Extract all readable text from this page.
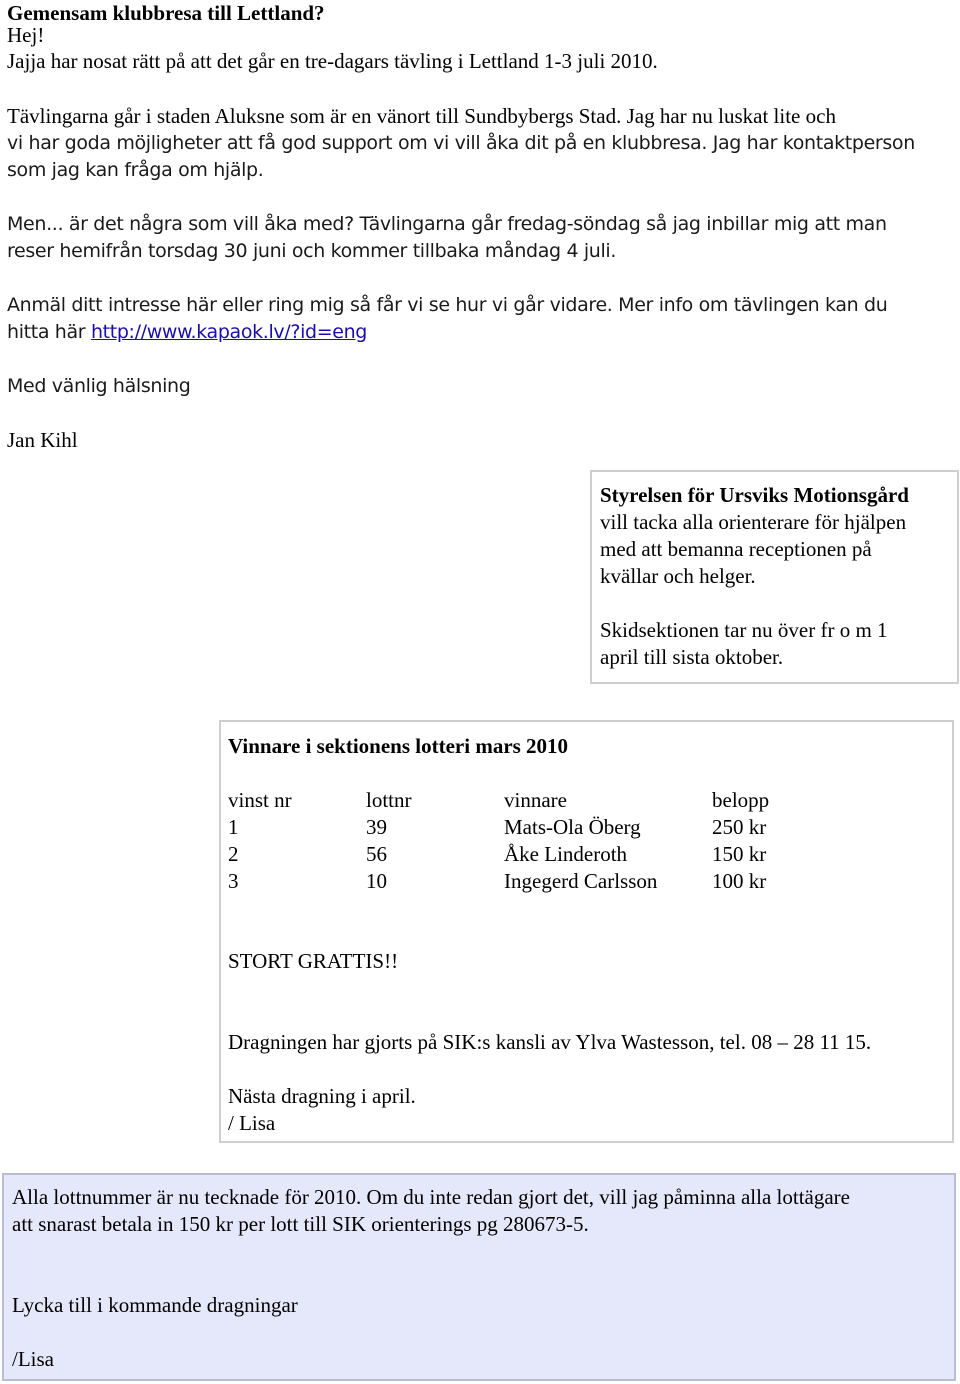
Gemensam klubbresa till Lettland?
Hej!
Jajja har nosat rätt på att det går en tre-dagars tävling i Lettland 1-3 juli 2010.
Tävlingarna går i staden Aluksne som är en vänort till Sundbybergs Stad. Jag har nu luskat lite och
vi har goda möjligheter att få god support om vi vill åka dit på en klubbresa. Jag har kontaktperson
som jag kan fråga om hjälp.
Men... är det några som vill åka med? Tävlingarna går fredag-söndag så jag inbillar mig att man
reser hemifrån torsdag 30 juni och kommer tillbaka måndag 4 juli.
Anmäl ditt intresse här eller ring mig så får vi se hur vi går vidare. Mer info om tävlingen kan du
hitta här http://www.kapaok.lv/?id=eng
Med vänlig hälsning
Jan Kihl
Styrelsen för Ursviks Motionsgård
vill tacka alla orienterare för hjälpen
med att bemanna receptionen på
kvällar och helger.
Skidsektionen tar nu över fr o m 1
april till sista oktober.
Vinnare i sektionens lotteri mars 2010
vinst nr	lottnr	vinnare	belopp
1	39	Mats-Ola Öberg	250 kr
2	56	Åke Linderoth	150 kr
3	10	Ingegerd Carlsson	100 kr
STORT GRATTIS!!
Dragningen har gjorts på SIK:s kansli av Ylva Wastesson, tel. 08 – 28 11 15.
Nästa dragning i april.
/ Lisa
Alla lottnummer är nu tecknade för 2010. Om du inte redan gjort det, vill jag påminna alla lottägare
att snarast betala in 150 kr per lott till SIK orienterings pg 280673-5.
Lycka till i kommande dragningar
/Lisa
